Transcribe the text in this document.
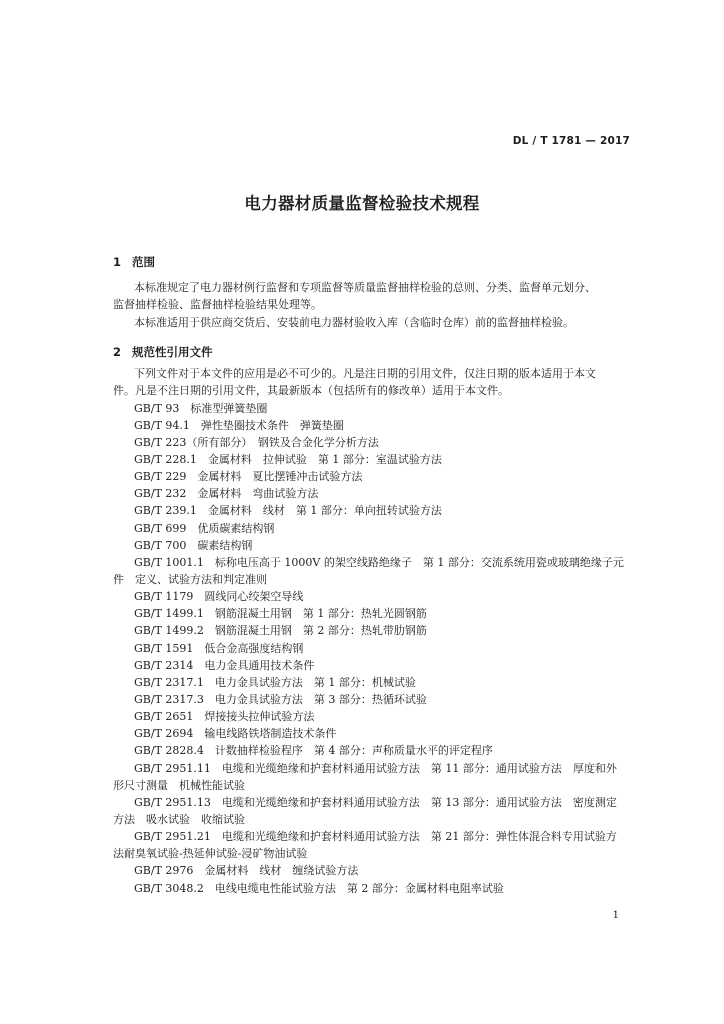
DL / T 1781 — 2017
电力器材质量监督检验技术规程
1 范围
本标准规定了电力器材例行监督和专项监督等质量监督抽样检验的总则、分类、监督单元划分、
监督抽样检验、监督抽样检验结果处理等。
本标准适用于供应商交货后、安装前电力器材验收入库（含临时仓库）前的监督抽样检验。
2 规范性引用文件
下列文件对于本文件的应用是必不可少的。凡是注日期的引用文件，仅注日期的版本适用于本文
件。凡是不注日期的引用文件，其最新版本（包括所有的修改单）适用于本文件。
GB/T 93　标准型弹簧垫圈
GB/T 94.1　弹性垫圈技术条件　弹簧垫圈
GB/T 223（所有部分）　钢铁及合金化学分析方法
GB/T 228.1　金属材料　拉伸试验　第 1 部分：室温试验方法
GB/T 229　金属材料　夏比摆锤冲击试验方法
GB/T 232　金属材料　弯曲试验方法
GB/T 239.1　金属材料　线材　第 1 部分：单向扭转试验方法
GB/T 699　优质碳素结构钢
GB/T 700　碳素结构钢
GB/T 1001.1　标称电压高于 1000V 的架空线路绝缘子　第 1 部分：交流系统用瓷或玻璃绝缘子元
件　定义、试验方法和判定准则
GB/T 1179　圆线同心绞架空导线
GB/T 1499.1　钢筋混凝土用钢　第 1 部分：热轧光圆钢筋
GB/T 1499.2　钢筋混凝土用钢　第 2 部分：热轧带肋钢筋
GB/T 1591　低合金高强度结构钢
GB/T 2314　电力金具通用技术条件
GB/T 2317.1　电力金具试验方法　第 1 部分：机械试验
GB/T 2317.3　电力金具试验方法　第 3 部分：热循环试验
GB/T 2651　焊接接头拉伸试验方法
GB/T 2694　输电线路铁塔制造技术条件
GB/T 2828.4　计数抽样检验程序　第 4 部分：声称质量水平的评定程序
GB/T 2951.11　电缆和光缆绝缘和护套材料通用试验方法　第 11 部分：通用试验方法　厚度和外
形尺寸测量　机械性能试验
GB/T 2951.13　电缆和光缆绝缘和护套材料通用试验方法　第 13 部分：通用试验方法　密度测定
方法　吸水试验　收缩试验
GB/T 2951.21　电缆和光缆绝缘和护套材料通用试验方法　第 21 部分：弹性体混合料专用试验方
法耐臭氧试验-热延伸试验-浸矿物油试验
GB/T 2976　金属材料　线材　缠绕试验方法
GB/T 3048.2　电线电缆电性能试验方法　第 2 部分：金属材料电阻率试验
1
